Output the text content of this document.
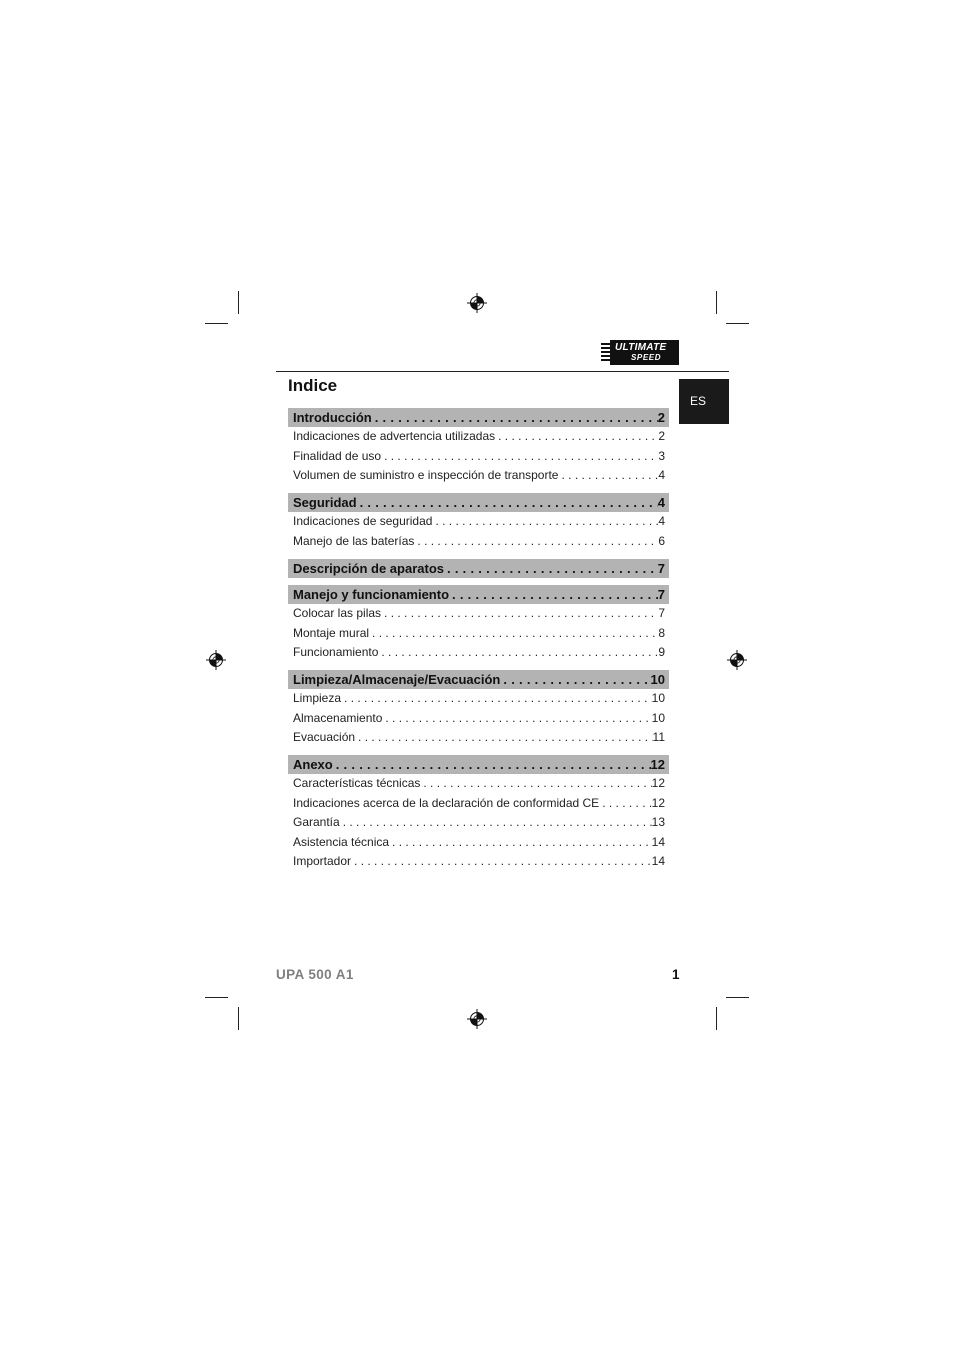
ULTIMATE
SPEED
Indice
ES
Introducción . . .	2
Indicaciones de advertencia utilizadas . . .	2
Finalidad de uso . . .	3
Volumen de suministro e inspección de transporte . . .	4
Seguridad . . .	4
Indicaciones de seguridad . . .	4
Manejo de las baterías . . .	6
Descripción de aparatos . . .	7
Manejo y funcionamiento . . .	7
Colocar las pilas . . .	7
Montaje mural . . .	8
Funcionamiento . . .	9
Limpieza/Almacenaje/Evacuación . . .	10
Limpieza . . .	10
Almacenamiento . . .	10
Evacuación . . .	11
Anexo . . .	12
Características técnicas . . .	12
Indicaciones acerca de la declaración de conformidad CE . . .	12
Garantía . . .	13
Asistencia técnica . . .	14
Importador . . .	14
UPA 500 A1	1
